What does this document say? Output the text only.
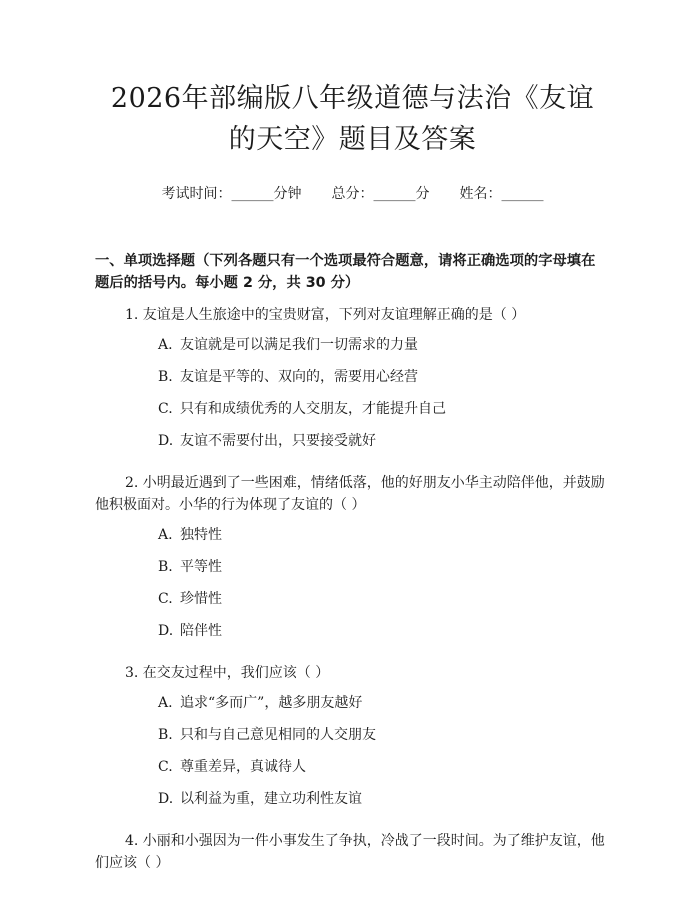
2026年部编版八年级道德与法治《友谊的天空》题目及答案
考试时间：______分钟 总分：______分 姓名：______
一、单项选择题（下列各题只有一个选项最符合题意，请将正确选项的字母填在题后的括号内。每小题 2 分，共 30 分）
1. 友谊是人生旅途中的宝贵财富，下列对友谊理解正确的是（ ）
A. 友谊就是可以满足我们一切需求的力量
B. 友谊是平等的、双向的，需要用心经营
C. 只有和成绩优秀的人交朋友，才能提升自己
D. 友谊不需要付出，只要接受就好
2. 小明最近遇到了一些困难，情绪低落，他的好朋友小华主动陪伴他，并鼓励他积极面对。小华的行为体现了友谊的（ ）
A. 独特性
B. 平等性
C. 珍惜性
D. 陪伴性
3. 在交友过程中，我们应该（ ）
A. 追求“多而广”，越多朋友越好
B. 只和与自己意见相同的人交朋友
C. 尊重差异，真诚待人
D. 以利益为重，建立功利性友谊
4. 小丽和小强因为一件小事发生了争执，冷战了一段时间。为了维护友谊，他们应该（ ）
